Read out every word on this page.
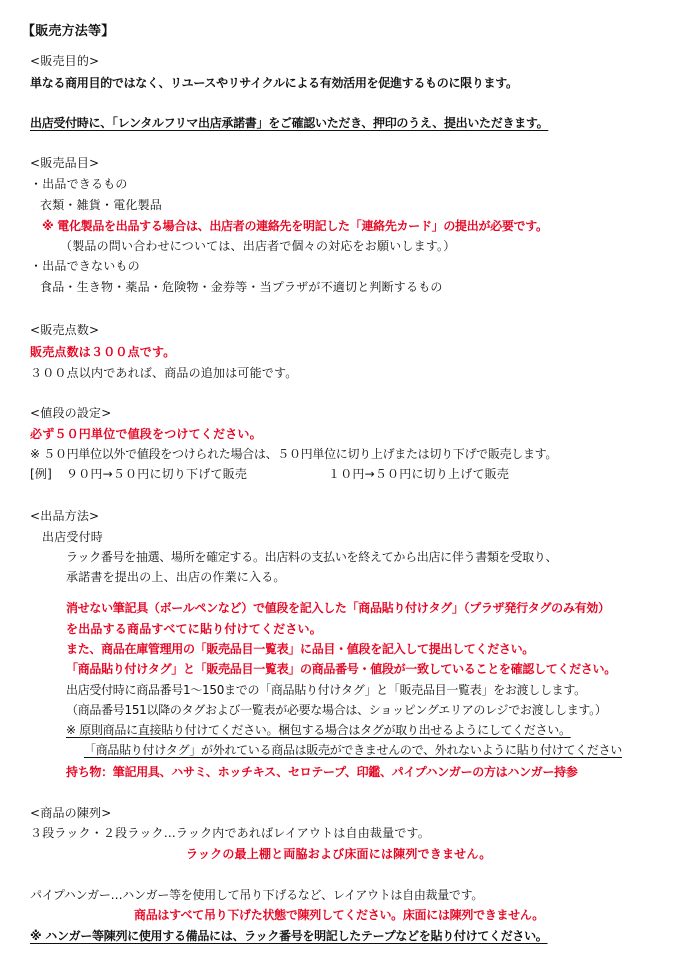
【販売方法等】
<販売目的>
単なる商用目的ではなく、リユースやリサイクルによる有効活用を促進するものに限ります。
出店受付時に、「レンタルフリマ出店承諾書」をご確認いただき、押印のうえ、提出いただきます。
<販売品目>
・出品できるもの
衣類・雑貨・電化製品
※ 電化製品を出品する場合は、出店者の連絡先を明記した「連絡先カード」の提出が必要です。
（製品の問い合わせについては、出店者で個々の対応をお願いします。）
・出品できないもの
食品・生き物・薬品・危険物・金券等・当プラザが不適切と判断するもの
<販売点数>
販売点数は３００点です。
３００点以内であれば、商品の追加は可能です。
<値段の設定>
必ず５０円単位で値段をつけてください。
※ ５０円単位以外で値段をつけられた場合は、５０円単位に切り上げまたは切り下げで販売します。
[例] ９０円→５０円に切り下げて販売	１０円→５０円に切り上げて販売
<出品方法>
出店受付時
ラック番号を抽選、場所を確定する。出店料の支払いを終えてから出店に伴う書類を受取り、
承諾書を提出の上、出店の作業に入る。
消せない筆記具（ボールペンなど）で値段を記入した「商品貼り付けタグ」（プラザ発行タグのみ有効）
を出品する商品すべてに貼り付けてください。
また、商品在庫管理用の「販売品目一覧表」に品目・値段を記入して提出してください。
「商品貼り付けタグ」と「販売品目一覧表」の商品番号・値段が一致していることを確認してください。
出店受付時に商品番号1～150までの「商品貼り付けタグ」と「販売品目一覧表」をお渡しします。
（商品番号151以降のタグおよび一覧表が必要な場合は、ショッピングエリアのレジでお渡しします。）
※ 原則商品に直接貼り付けてください。梱包する場合はタグが取り出せるようにしてください。
「商品貼り付けタグ」が外れている商品は販売ができませんので、外れないように貼り付けてください
持ち物：筆記用具、ハサミ、ホッチキス、セロテープ、印鑑、パイプハンガーの方はハンガー持参
<商品の陳列>
３段ラック・２段ラック…ラック内であればレイアウトは自由裁量です。
ラックの最上棚と両脇および床面には陳列できません。
パイプハンガー…ハンガー等を使用して吊り下げるなど、レイアウトは自由裁量です。
商品はすべて吊り下げた状態で陳列してください。床面には陳列できません。
※ ハンガー等陳列に使用する備品には、ラック番号を明記したテープなどを貼り付けてください。
